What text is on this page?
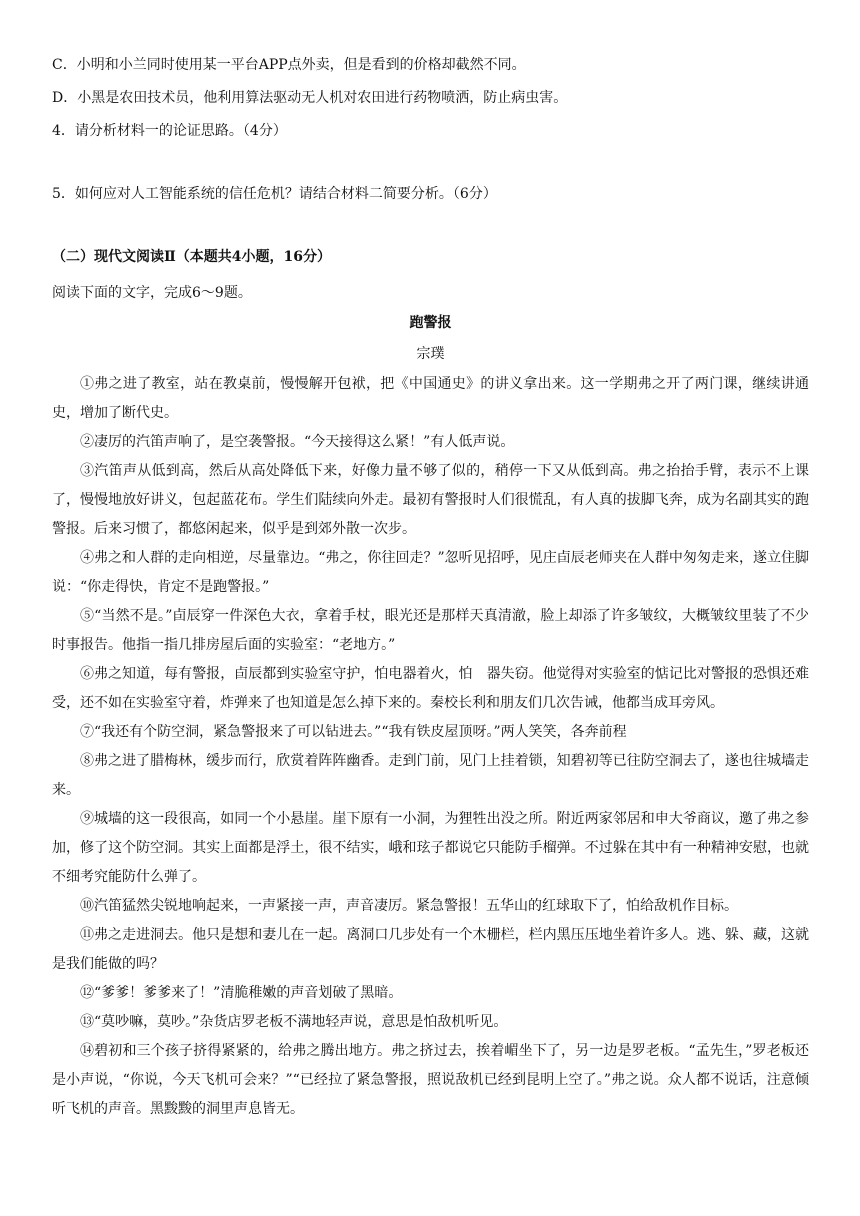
C．小明和小兰同时使用某一平台APP点外卖，但是看到的价格却截然不同。
D．小黑是农田技术员，他利用算法驱动无人机对农田进行药物喷洒，防止病虫害。
4．请分析材料一的论证思路。（4分）
5．如何应对人工智能系统的信任危机？请结合材料二简要分析。（6分）
（二）现代文阅读Ⅱ（本题共4小题，16分）
阅读下面的文字，完成6～9题。
跑警报
宗璞

①弗之进了教室，站在教桌前，慢慢解开包袱，把《中国通史》的讲义拿出来。这一学期弗之开了两门课，继续讲通史，增加了断代史。

②凄厉的汽笛声响了，是空袭警报。“今天接得这么紧！”有人低声说。

③汽笛声从低到高，然后从高处降低下来，好像力量不够了似的，稍停一下又从低到高。弗之抬抬手臂，表示不上课了，慢慢地放好讲义，包起蓝花布。学生们陆续向外走。最初有警报时人们很慌乱，有人真的拔脚飞奔，成为名副其实的跑警报。后来习惯了，都悠闲起来，似乎是到郊外散一次步。

④弗之和人群的走向相逆，尽量靠边。“弗之，你往回走？”忽听见招呼，见庄卣辰老师夹在人群中匆匆走来，遂立住脚说：“你走得快，肯定不是跑警报。”

⑤“当然不是。”卣辰穿一件深色大衣，拿着手杖，眼光还是那样天真清澈，脸上却添了许多皱纹，大概皱纹里装了不少时事报告。他指一指几排房屋后面的实验室：“老地方。”

⑥弗之知道，每有警报，卣辰都到实验室守护，怕电器着火，怕　器失窃。他觉得对实验室的惦记比对警报的恐惧还难受，还不如在实验室守着，炸弹来了也知道是怎么掉下来的。秦校长利和朋友们几次告诫，他都当成耳旁风。

⑦“我还有个防空洞，紧急警报来了可以钻进去。”“我有铁皮屋顶呀。”两人笑笑，各奔前程

⑧弗之进了腊梅林，缓步而行，欣赏着阵阵幽香。走到门前，见门上挂着锁，知碧初等已往防空洞去了，遂也往城墙走来。

⑨城墙的这一段很高，如同一个小悬崖。崖下原有一小洞，为狸牲出没之所。附近两家邻居和申大爷商议，邀了弗之参加，修了这个防空洞。其实上面都是浮土，很不结实，峨和玹子都说它只能防手榴弹。不过躲在其中有一种精神安慰，也就不细考究能防什么弹了。

⑩汽笛猛然尖锐地响起来，一声紧接一声，声音凄厉。紧急警报！五华山的红球取下了，怕给敌机作目标。

⑪弗之走进洞去。他只是想和妻儿在一起。离洞口几步处有一个木栅栏，栏内黑压压地坐着许多人。逃、躲、藏，这就是我们能做的吗？

⑫“爹爹！爹爹来了！”清脆稚嫩的声音划破了黑暗。

⑬“莫吵嘛，莫吵。”杂货店罗老板不满地轻声说，意思是怕敌机听见。

⑭碧初和三个孩子挤得紧紧的，给弗之腾出地方。弗之挤过去，挨着嵋坐下了，另一边是罗老板。“孟先生，”罗老板还是小声说，“你说，今天飞机可会来？”“已经拉了紧急警报，照说敌机已经到昆明上空了。”弗之说。众人都不说话，注意倾听飞机的声音。黑黢黢的洞里声息皆无。
